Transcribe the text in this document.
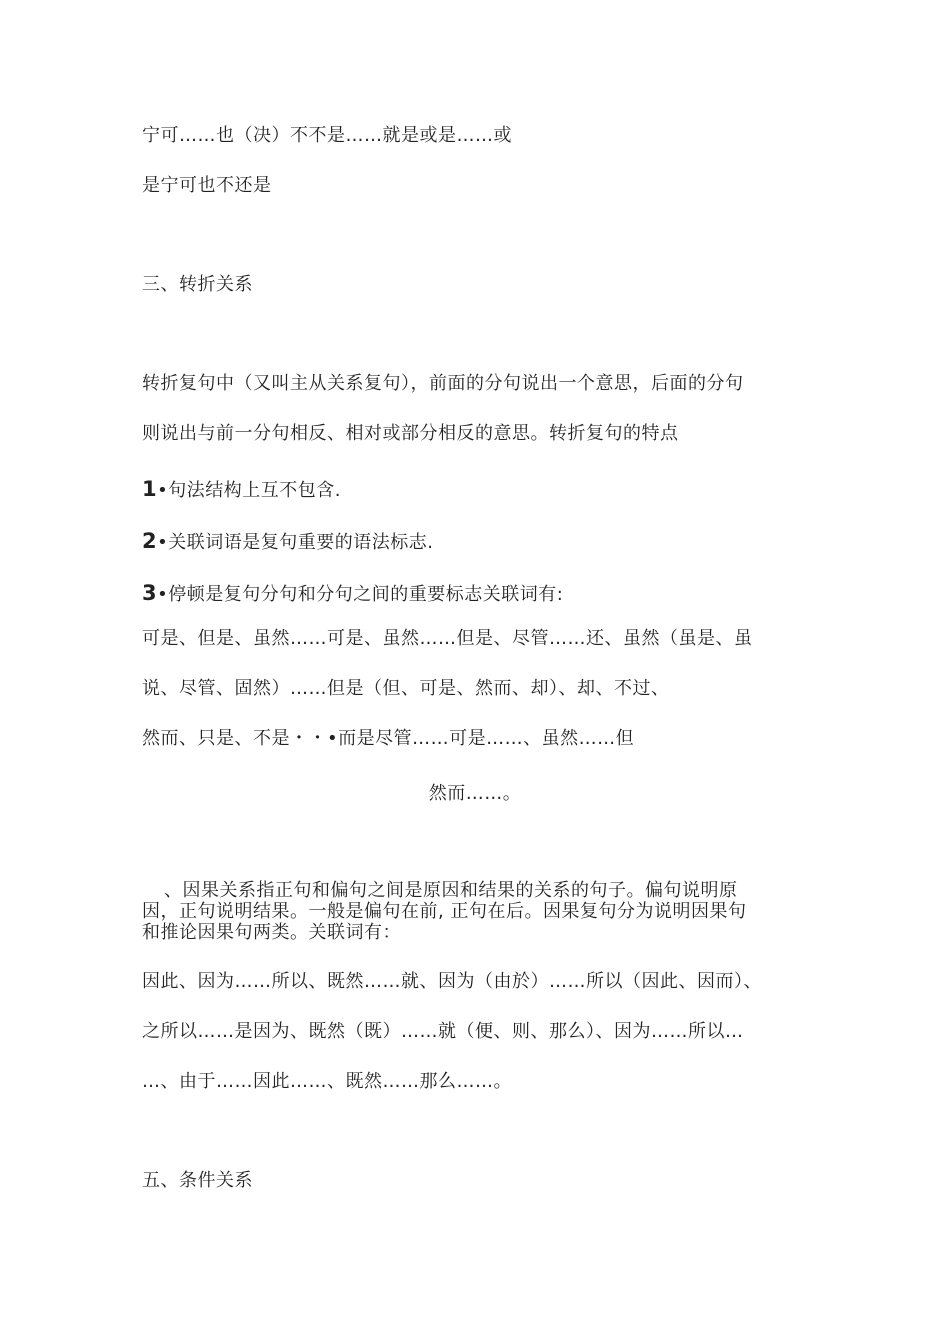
宁可……也（决）不不是……就是或是……或
是宁可也不还是
三、转折关系
转折复句中（又叫主从关系复句），前面的分句说出一个意思，后面的分句
则说出与前一分句相反、相对或部分相反的意思。转折复句的特点
1•句法结构上互不包含.
2•关联词语是复句重要的语法标志.
3•停顿是复句分句和分句之间的重要标志关联词有:
可是、但是、虽然……可是、虽然……但是、尽管……还、虽然（虽是、虽
说、尽管、固然）……但是（但、可是、然而、却）、却、不过、
然而、只是、不是・・•而是尽管……可是……、虽然……但
然而……。
、因果关系指正句和偏句之间是原因和结果的关系的句子。偏句说明原
因，正句说明结果。一般是偏句在前, 正句在后。因果复句分为说明因果句
和推论因果句两类。关联词有：
因此、因为……所以、既然……就、因为（由於）……所以（因此、因而）、
之所以……是因为、既然（既）……就（便、则、那么）、因为……所以…
…、由于……因此……、既然……那么……。
五、条件关系
